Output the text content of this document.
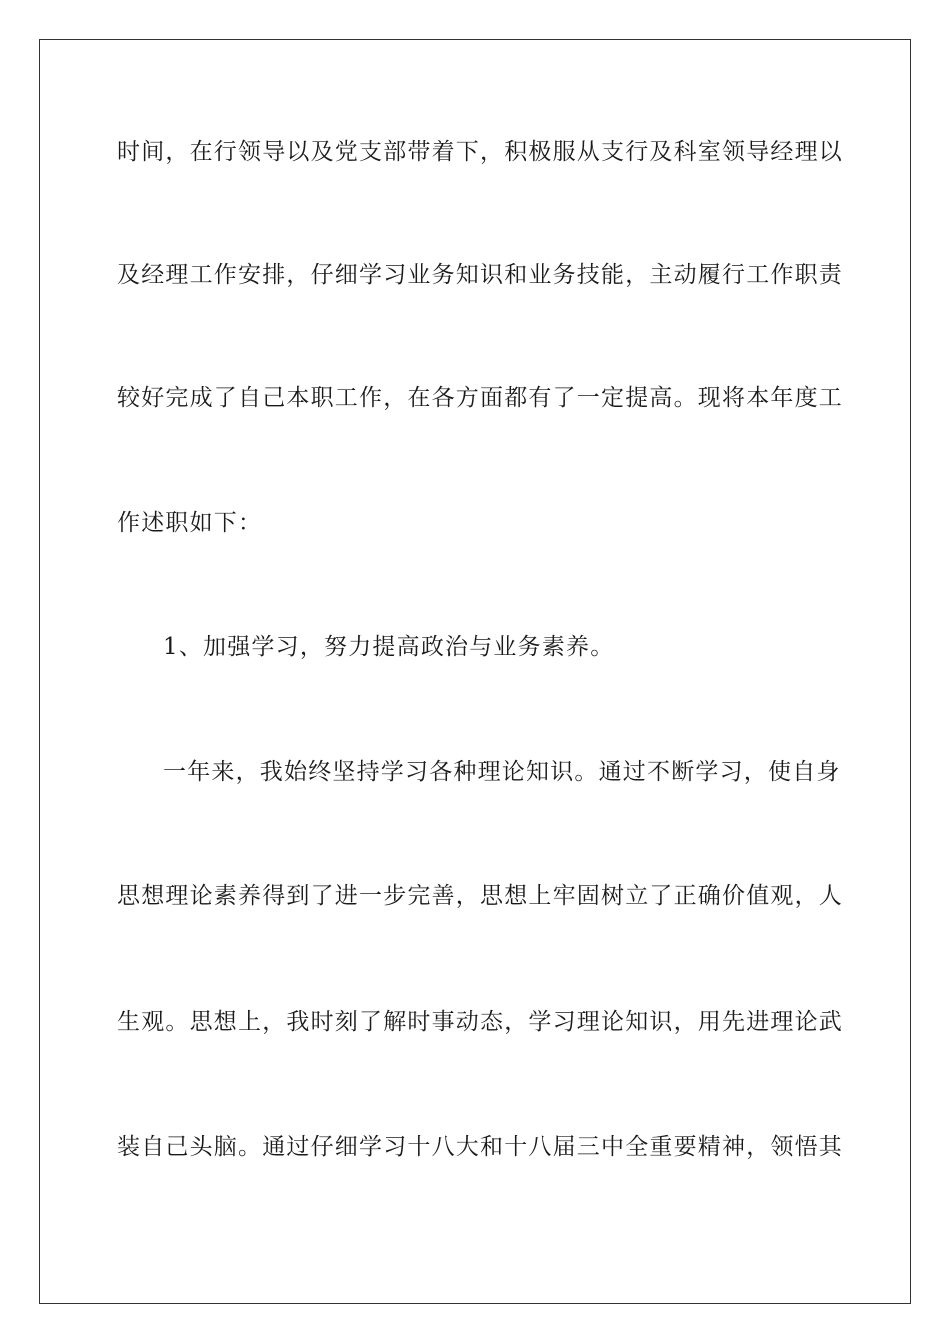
时间，在行领导以及党支部带着下，积极服从支行及科室领导经理以
及经理工作安排，仔细学习业务知识和业务技能，主动履行工作职责
较好完成了自己本职工作，在各方面都有了一定提高。现将本年度工
作述职如下：
1、加强学习，努力提高政治与业务素养。
一年来，我始终坚持学习各种理论知识。通过不断学习，使自身
思想理论素养得到了进一步完善，思想上牢固树立了正确价值观，人
生观。思想上，我时刻了解时事动态，学习理论知识，用先进理论武
装自己头脑。通过仔细学习十八大和十八届三中全重要精神，领悟其
